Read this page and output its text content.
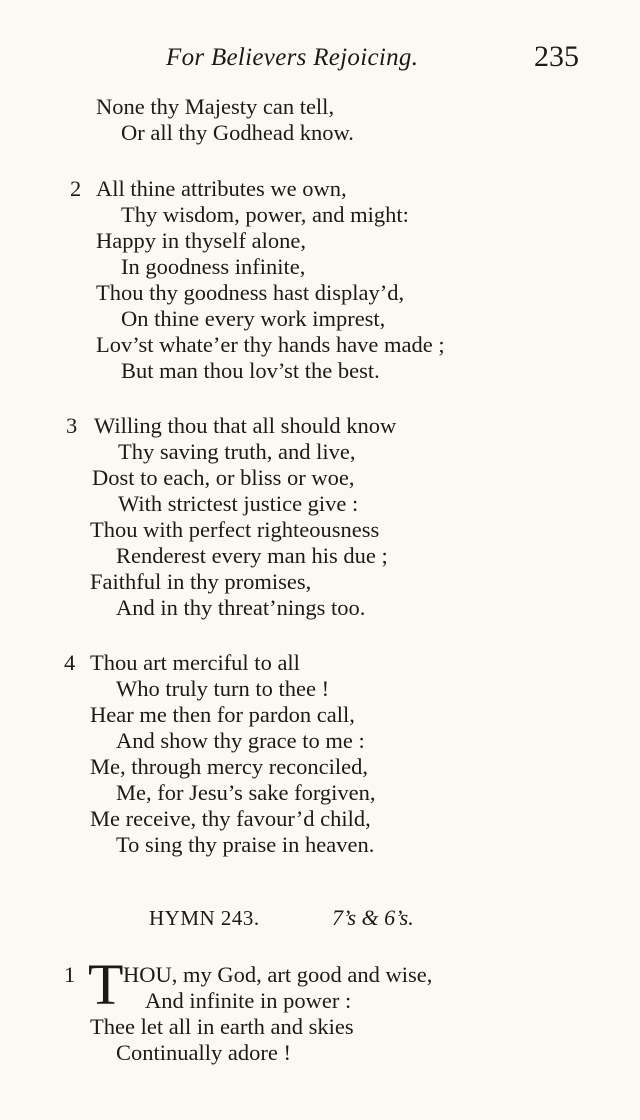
For Believers Rejoicing.	235
None thy Majesty can tell,
Or all thy Godhead know.
2 All thine attributes we own,
Thy wisdom, power, and might:
Happy in thyself alone,
In goodness infinite,
Thou thy goodness hast display’d,
On thine every work imprest,
Lov’st whate’er thy hands have made ;
But man thou lov’st the best.
3 Willing thou that all should know
Thy saving truth, and live,
Dost to each, or bliss or woe,
With strictest justice give :
Thou with perfect righteousness
Renderest every man his due ;
Faithful in thy promises,
And in thy threat’nings too.
4 Thou art merciful to all
Who truly turn to thee !
Hear me then for pardon call,
And show thy grace to me :
Me, through mercy reconciled,
Me, for Jesu’s sake forgiven,
Me receive, thy favour’d child,
To sing thy praise in heaven.
HYMN 243.	7’s & 6’s.
1 T HOU, my God, art good and wise,
And infinite in power :
Thee let all in earth and skies
Continually adore !
